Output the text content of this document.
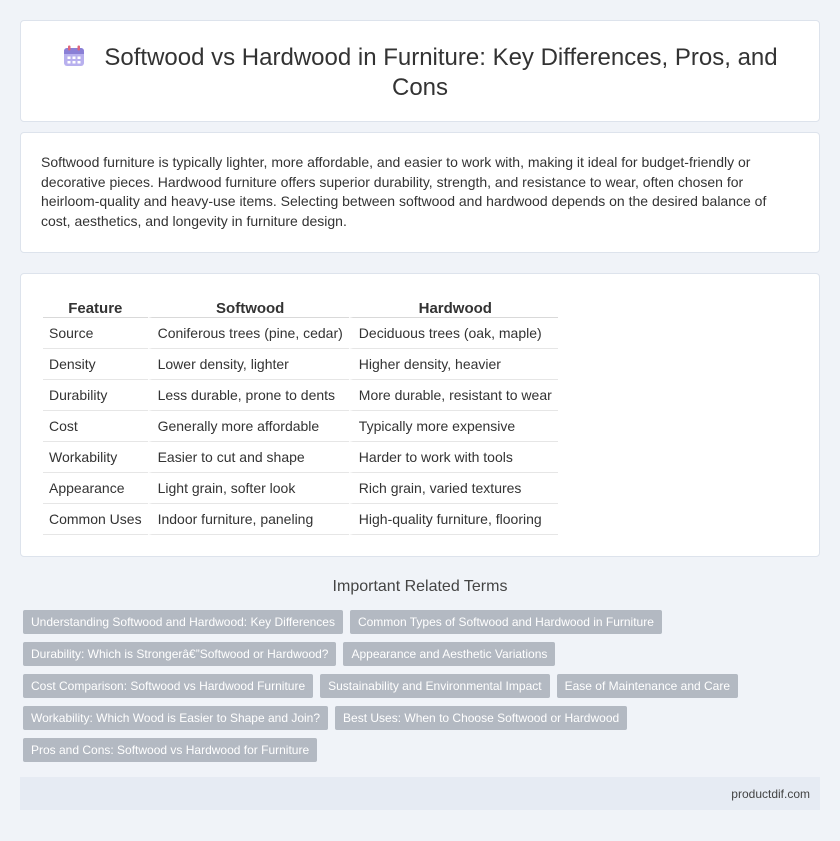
Softwood vs Hardwood in Furniture: Key Differences, Pros, and Cons

Softwood furniture is typically lighter, more affordable, and easier to work with, making it ideal for budget-friendly or decorative pieces. Hardwood furniture offers superior durability, strength, and resistance to wear, often chosen for heirloom-quality and heavy-use items. Selecting between softwood and hardwood depends on the desired balance of cost, aesthetics, and longevity in furniture design.

Feature	Softwood	Hardwood
Source	Coniferous trees (pine, cedar)	Deciduous trees (oak, maple)
Density	Lower density, lighter	Higher density, heavier
Durability	Less durable, prone to dents	More durable, resistant to wear
Cost	Generally more affordable	Typically more expensive
Workability	Easier to cut and shape	Harder to work with tools
Appearance	Light grain, softer look	Rich grain, varied textures
Common Uses	Indoor furniture, paneling	High-quality furniture, flooring
Important Related Terms
Understanding Softwood and Hardwood: Key Differences	Common Types of Softwood and Hardwood in Furniture
Durability: Which is Strongerâ€”Softwood or Hardwood?	Appearance and Aesthetic Variations
Cost Comparison: Softwood vs Hardwood Furniture	Sustainability and Environmental Impact	Ease of Maintenance and Care
Workability: Which Wood is Easier to Shape and Join?	Best Uses: When to Choose Softwood or Hardwood
Pros and Cons: Softwood vs Hardwood for Furniture
productdif.com
